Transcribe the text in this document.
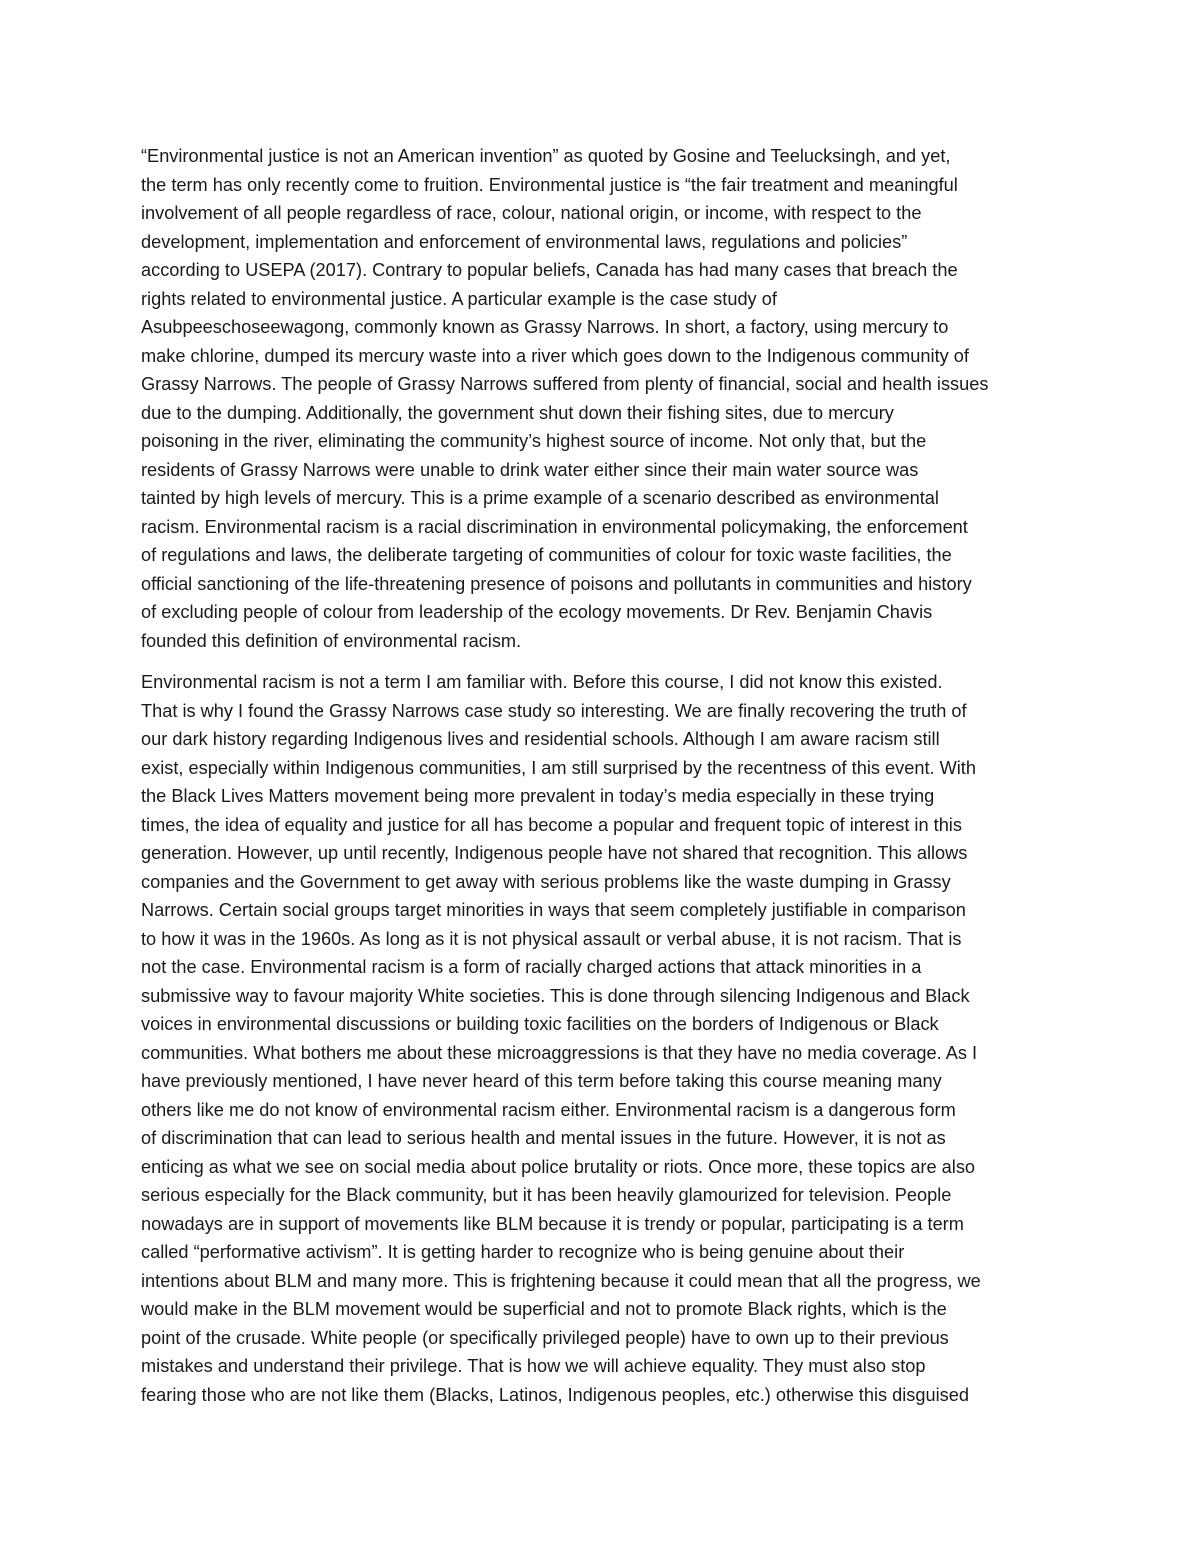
“Environmental justice is not an American invention” as quoted by Gosine and Teelucksingh, and yet,
the term has only recently come to fruition. Environmental justice is “the fair treatment and meaningful
involvement of all people regardless of race, colour, national origin, or income, with respect to the
development, implementation and enforcement of environmental laws, regulations and policies”
according to USEPA (2017). Contrary to popular beliefs, Canada has had many cases that breach the
rights related to environmental justice. A particular example is the case study of
Asubpeeschoseewagong, commonly known as Grassy Narrows. In short, a factory, using mercury to
make chlorine, dumped its mercury waste into a river which goes down to the Indigenous community of
Grassy Narrows. The people of Grassy Narrows suffered from plenty of financial, social and health issues
due to the dumping. Additionally, the government shut down their fishing sites, due to mercury
poisoning in the river, eliminating the community’s highest source of income. Not only that, but the
residents of Grassy Narrows were unable to drink water either since their main water source was
tainted by high levels of mercury. This is a prime example of a scenario described as environmental
racism. Environmental racism is a racial discrimination in environmental policymaking, the enforcement
of regulations and laws, the deliberate targeting of communities of colour for toxic waste facilities, the
official sanctioning of the life-threatening presence of poisons and pollutants in communities and history
of excluding people of colour from leadership of the ecology movements. Dr Rev. Benjamin Chavis
founded this definition of environmental racism.

Environmental racism is not a term I am familiar with. Before this course, I did not know this existed.
That is why I found the Grassy Narrows case study so interesting. We are finally recovering the truth of
our dark history regarding Indigenous lives and residential schools. Although I am aware racism still
exist, especially within Indigenous communities, I am still surprised by the recentness of this event. With
the Black Lives Matters movement being more prevalent in today’s media especially in these trying
times, the idea of equality and justice for all has become a popular and frequent topic of interest in this
generation. However, up until recently, Indigenous people have not shared that recognition. This allows
companies and the Government to get away with serious problems like the waste dumping in Grassy
Narrows. Certain social groups target minorities in ways that seem completely justifiable in comparison
to how it was in the 1960s. As long as it is not physical assault or verbal abuse, it is not racism. That is
not the case. Environmental racism is a form of racially charged actions that attack minorities in a
submissive way to favour majority White societies. This is done through silencing Indigenous and Black
voices in environmental discussions or building toxic facilities on the borders of Indigenous or Black
communities. What bothers me about these microaggressions is that they have no media coverage. As I
have previously mentioned, I have never heard of this term before taking this course meaning many
others like me do not know of environmental racism either. Environmental racism is a dangerous form
of discrimination that can lead to serious health and mental issues in the future. However, it is not as
enticing as what we see on social media about police brutality or riots. Once more, these topics are also
serious especially for the Black community, but it has been heavily glamourized for television. People
nowadays are in support of movements like BLM because it is trendy or popular, participating is a term
called “performative activism”. It is getting harder to recognize who is being genuine about their
intentions about BLM and many more. This is frightening because it could mean that all the progress, we
would make in the BLM movement would be superficial and not to promote Black rights, which is the
point of the crusade. White people (or specifically privileged people) have to own up to their previous
mistakes and understand their privilege. That is how we will achieve equality. They must also stop
fearing those who are not like them (Blacks, Latinos, Indigenous peoples, etc.) otherwise this disguised
